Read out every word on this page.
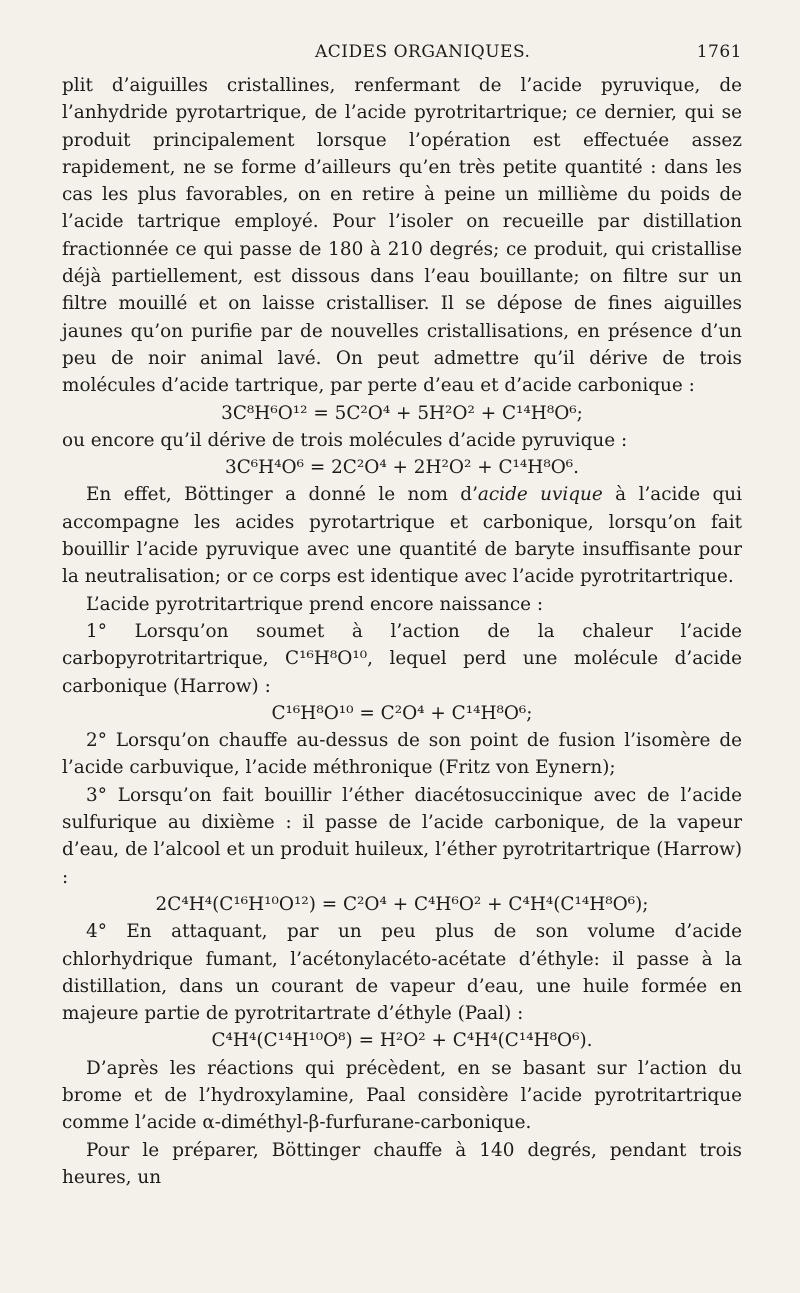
ACIDES ORGANIQUES.	1761

plit d’aiguilles cristallines, renfermant de l’acide pyruvique, de l’anhydride pyrotartrique, de l’acide pyrotritartrique; ce dernier, qui se produit principalement lorsque l’opération est effectuée assez rapidement, ne se forme d’ailleurs qu’en très petite quantité : dans les cas les plus favorables, on en retire à peine un millième du poids de l’acide tartrique employé. Pour l’isoler on recueille par distillation fractionnée ce qui passe de 180 à 210 degrés; ce produit, qui cristallise déjà partiellement, est dissous dans l’eau bouillante; on filtre sur un filtre mouillé et on laisse cristalliser. Il se dépose de fines aiguilles jaunes qu’on purifie par de nouvelles cristallisations, en présence d’un peu de noir animal lavé. On peut admettre qu’il dérive de trois molécules d’acide tartrique, par perte d’eau et d’acide carbonique :

3C⁸H⁶O¹² = 5C²O⁴ + 5H²O² + C¹⁴H⁸O⁶;

ou encore qu’il dérive de trois molécules d’acide pyruvique :

3C⁶H⁴O⁶ = 2C²O⁴ + 2H²O² + C¹⁴H⁸O⁶.

En effet, Böttinger a donné le nom d’acide uvique à l’acide qui accompagne les acides pyrotartrique et carbonique, lorsqu’on fait bouillir l’acide pyruvique avec une quantité de baryte insuffisante pour la neutralisation; or ce corps est identique avec l’acide pyrotritartrique.

L’acide pyrotritartrique prend encore naissance :

1° Lorsqu’on soumet à l’action de la chaleur l’acide carbopyrotritartrique, C¹⁶H⁸O¹⁰, lequel perd une molécule d’acide carbonique (Harrow) :

C¹⁶H⁸O¹⁰ = C²O⁴ + C¹⁴H⁸O⁶;

2° Lorsqu’on chauffe au-dessus de son point de fusion l’isomère de l’acide carbuvique, l’acide méthronique (Fritz von Eynern);

3° Lorsqu’on fait bouillir l’éther diacétosuccinique avec de l’acide sulfurique au dixième : il passe de l’acide carbonique, de la vapeur d’eau, de l’alcool et un produit huileux, l’éther pyrotritartrique (Harrow) :

2C⁴H⁴(C¹⁶H¹⁰O¹²) = C²O⁴ + C⁴H⁶O² + C⁴H⁴(C¹⁴H⁸O⁶);

4° En attaquant, par un peu plus de son volume d’acide chlorhydrique fumant, l’acétonylacéto-acétate d’éthyle: il passe à la distillation, dans un courant de vapeur d’eau, une huile formée en majeure partie de pyrotritartrate d’éthyle (Paal) :

C⁴H⁴(C¹⁴H¹⁰O⁸) = H²O² + C⁴H⁴(C¹⁴H⁸O⁶).

D’après les réactions qui précèdent, en se basant sur l’action du brome et de l’hydroxylamine, Paal considère l’acide pyrotritartrique comme l’acide α-diméthyl-β-furfurane-carbonique.

Pour le préparer, Böttinger chauffe à 140 degrés, pendant trois heures, un
